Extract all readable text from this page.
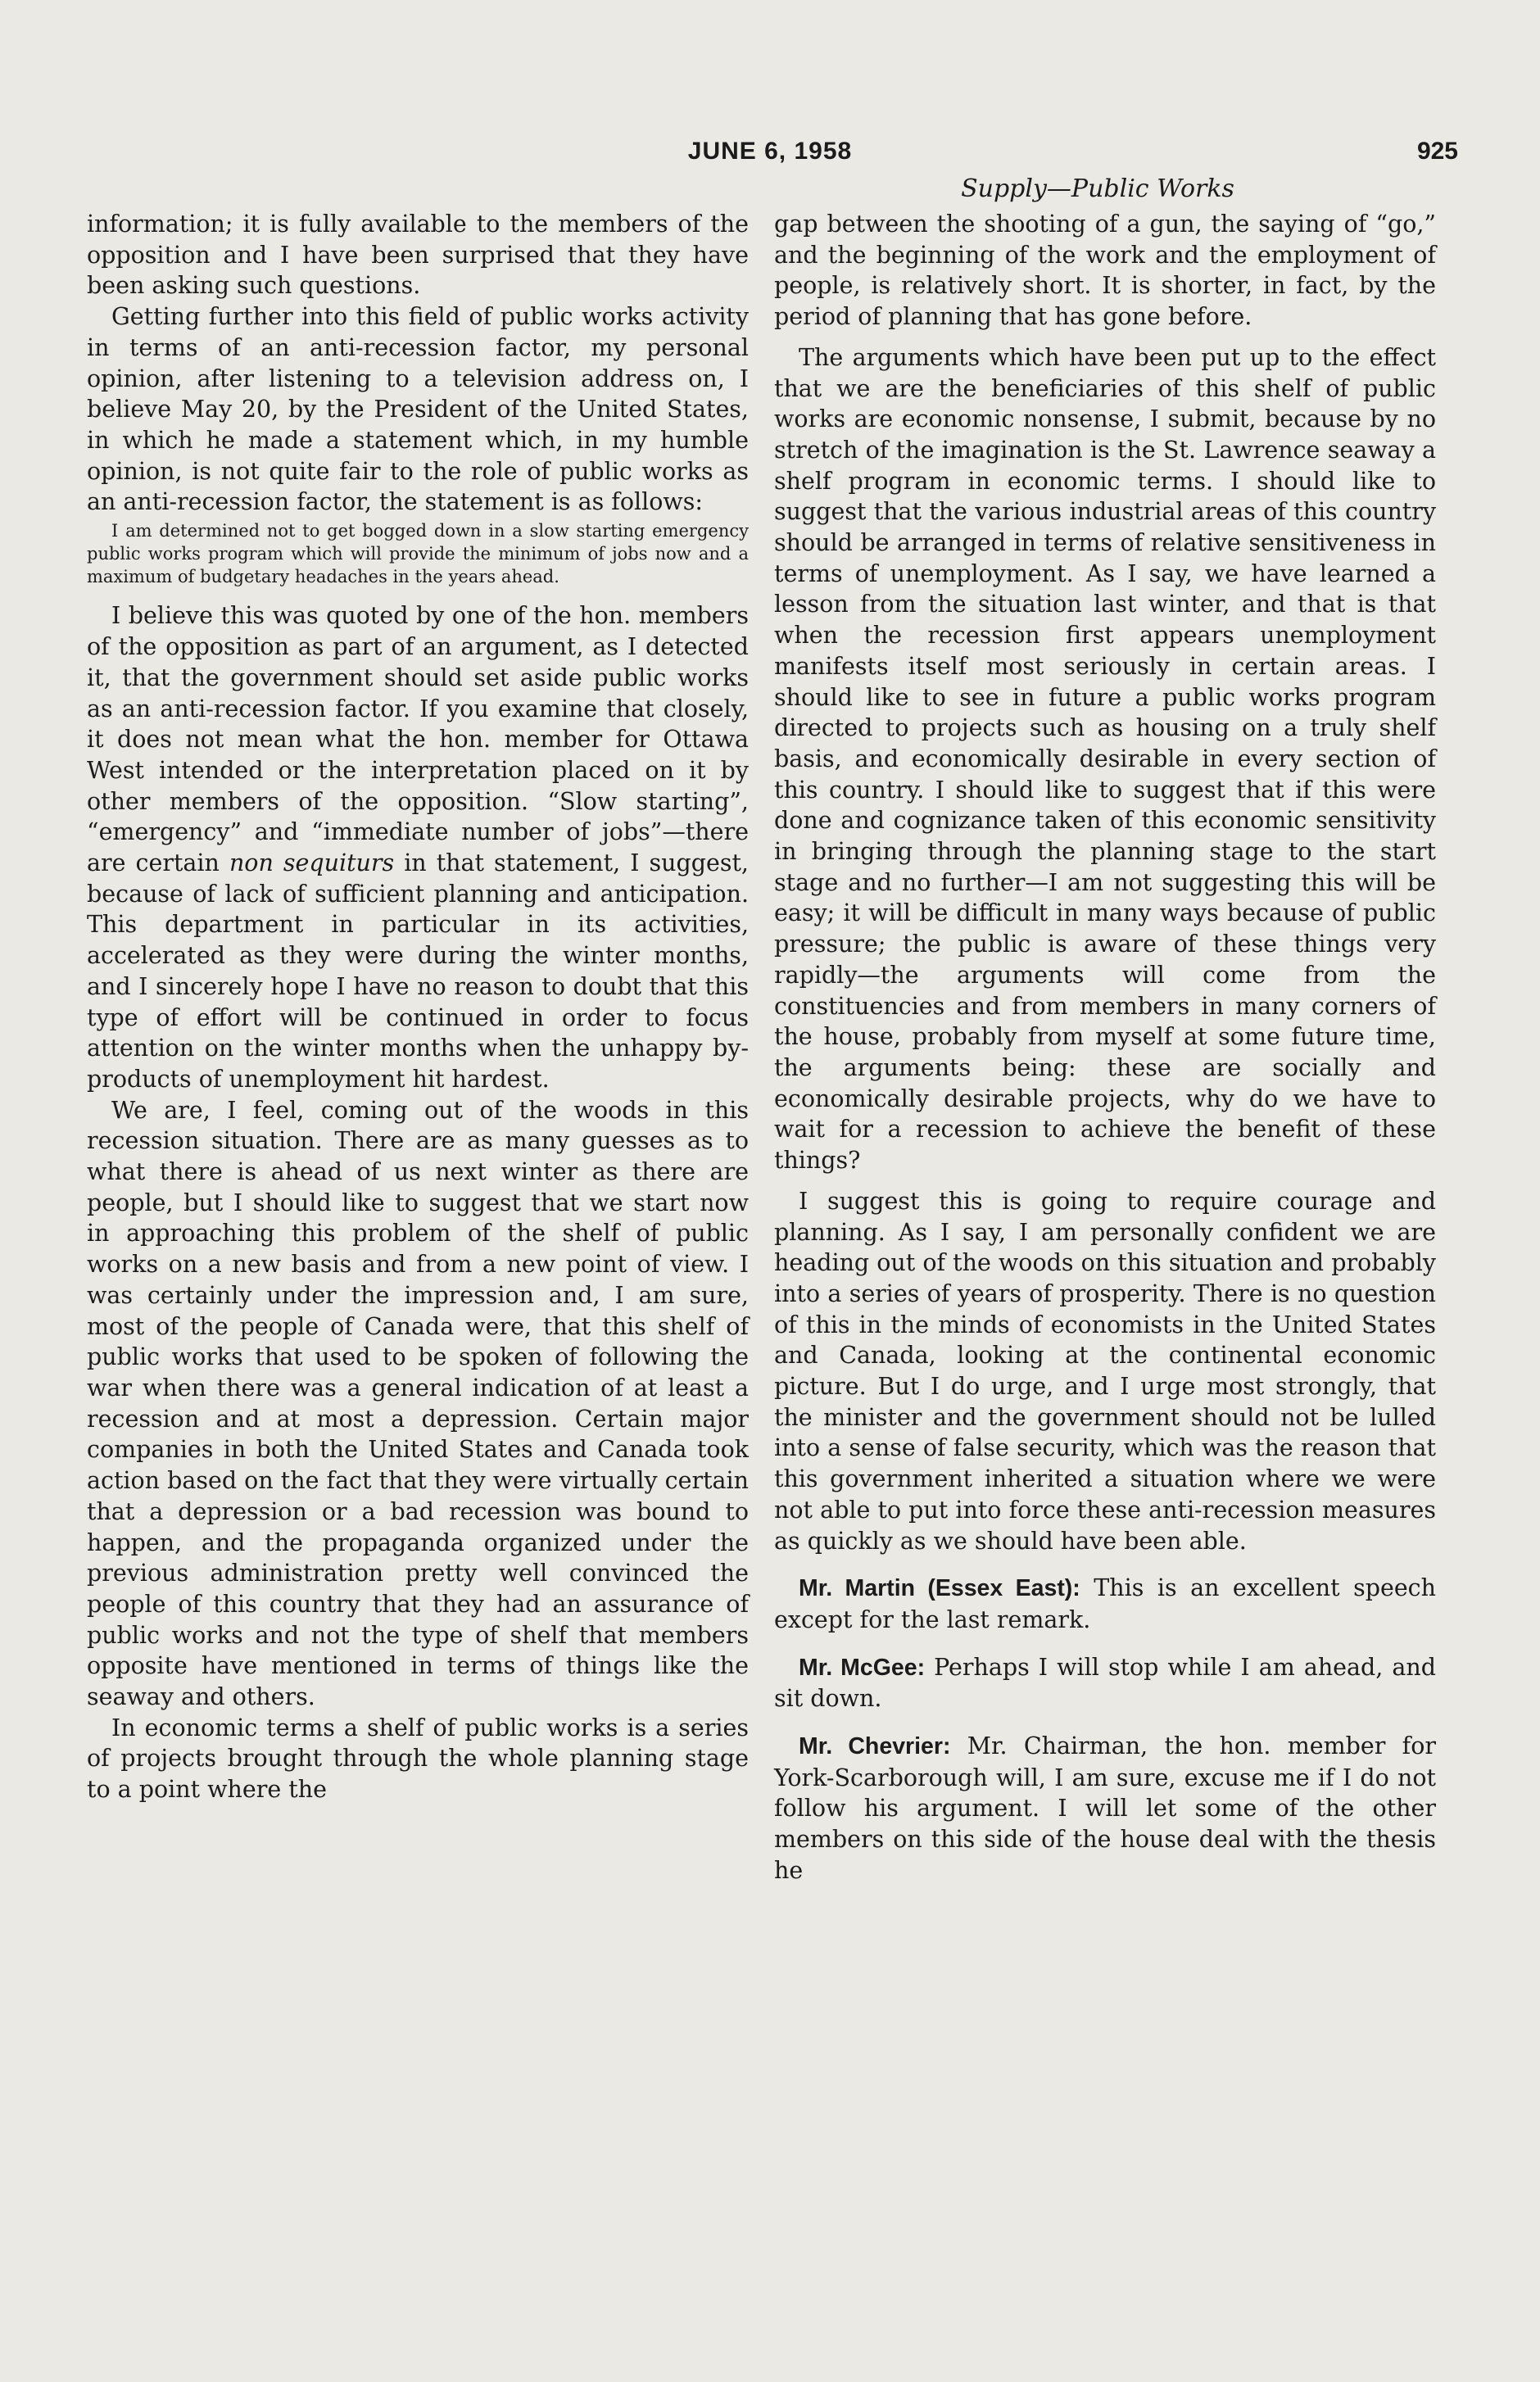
JUNE 6, 1958	925
Supply—Public Works

information; it is fully available to the members of the opposition and I have been surprised that they have been asking such questions.

Getting further into this field of public works activity in terms of an anti-recession factor, my personal opinion, after listening to a television address on, I believe May 20, by the President of the United States, in which he made a statement which, in my humble opinion, is not quite fair to the role of public works as an anti-recession factor, the statement is as follows:

I am determined not to get bogged down in a slow starting emergency public works program which will provide the minimum of jobs now and a maximum of budgetary headaches in the years ahead.

I believe this was quoted by one of the hon. members of the opposition as part of an argument, as I detected it, that the government should set aside public works as an anti-recession factor. If you examine that closely, it does not mean what the hon. member for Ottawa West intended or the interpretation placed on it by other members of the opposition. “Slow starting”, “emergency” and “immediate number of jobs”—there are certain non sequiturs in that statement, I suggest, because of lack of sufficient planning and anticipation. This department in particular in its activities, accelerated as they were during the winter months, and I sincerely hope I have no reason to doubt that this type of effort will be continued in order to focus attention on the winter months when the unhappy by-products of unemployment hit hardest.

We are, I feel, coming out of the woods in this recession situation. There are as many guesses as to what there is ahead of us next winter as there are people, but I should like to suggest that we start now in approaching this problem of the shelf of public works on a new basis and from a new point of view. I was certainly under the impression and, I am sure, most of the people of Canada were, that this shelf of public works that used to be spoken of following the war when there was a general indication of at least a recession and at most a depression. Certain major companies in both the United States and Canada took action based on the fact that they were virtually certain that a depression or a bad recession was bound to happen, and the propaganda organized under the previous administration pretty well convinced the people of this country that they had an assurance of public works and not the type of shelf that members opposite have mentioned in terms of things like the seaway and others.

In economic terms a shelf of public works is a series of projects brought through the whole planning stage to a point where the

gap between the shooting of a gun, the saying of “go,” and the beginning of the work and the employment of people, is relatively short. It is shorter, in fact, by the period of planning that has gone before.

The arguments which have been put up to the effect that we are the beneficiaries of this shelf of public works are economic nonsense, I submit, because by no stretch of the imagination is the St. Lawrence seaway a shelf program in economic terms. I should like to suggest that the various industrial areas of this country should be arranged in terms of relative sensitiveness in terms of unemployment. As I say, we have learned a lesson from the situation last winter, and that is that when the recession first appears unemployment manifests itself most seriously in certain areas. I should like to see in future a public works program directed to projects such as housing on a truly shelf basis, and economically desirable in every section of this country. I should like to suggest that if this were done and cognizance taken of this economic sensitivity in bringing through the planning stage to the start stage and no further—I am not suggesting this will be easy; it will be difficult in many ways because of public pressure; the public is aware of these things very rapidly—the arguments will come from the constituencies and from members in many corners of the house, probably from myself at some future time, the arguments being: these are socially and economically desirable projects, why do we have to wait for a recession to achieve the benefit of these things?

I suggest this is going to require courage and planning. As I say, I am personally confident we are heading out of the woods on this situation and probably into a series of years of prosperity. There is no question of this in the minds of economists in the United States and Canada, looking at the continental economic picture. But I do urge, and I urge most strongly, that the minister and the government should not be lulled into a sense of false security, which was the reason that this government inherited a situation where we were not able to put into force these anti-recession measures as quickly as we should have been able.

Mr. Martin (Essex East): This is an excellent speech except for the last remark.

Mr. McGee: Perhaps I will stop while I am ahead, and sit down.

Mr. Chevrier: Mr. Chairman, the hon. member for York-Scarborough will, I am sure, excuse me if I do not follow his argument. I will let some of the other members on this side of the house deal with the thesis he
